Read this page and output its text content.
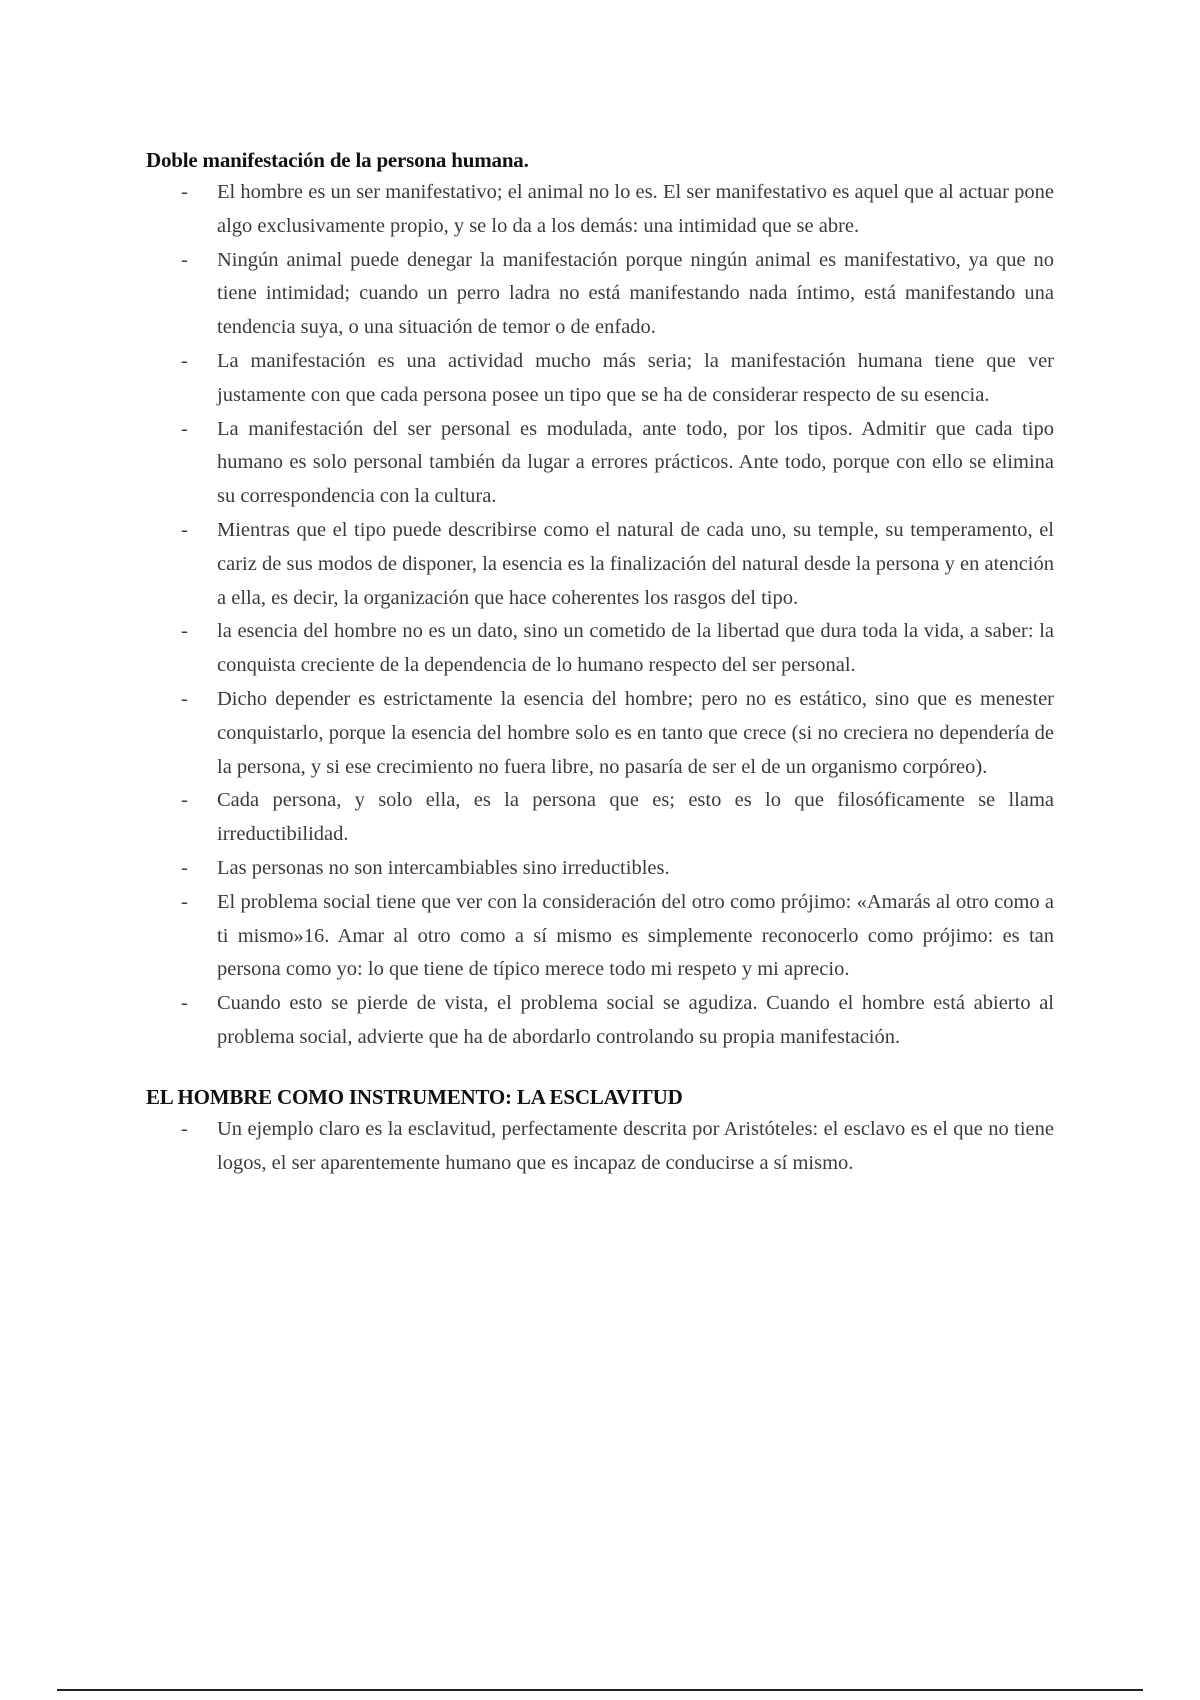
Doble manifestación de la persona humana.
- El hombre es un ser manifestativo; el animal no lo es. El ser manifestativo es aquel que al actuar pone algo exclusivamente propio, y se lo da a los demás: una intimidad que se abre.
- Ningún animal puede denegar la manifestación porque ningún animal es manifestativo, ya que no tiene intimidad; cuando un perro ladra no está manifestando nada íntimo, está manifestando una tendencia suya, o una situación de temor o de enfado.
- La manifestación es una actividad mucho más seria; la manifestación humana tiene que ver justamente con que cada persona posee un tipo que se ha de considerar respecto de su esencia.
- La manifestación del ser personal es modulada, ante todo, por los tipos. Admitir que cada tipo humano es solo personal también da lugar a errores prácticos. Ante todo, porque con ello se elimina su correspondencia con la cultura.
- Mientras que el tipo puede describirse como el natural de cada uno, su temple, su temperamento, el cariz de sus modos de disponer, la esencia es la finalización del natural desde la persona y en atención a ella, es decir, la organización que hace coherentes los rasgos del tipo.
- la esencia del hombre no es un dato, sino un cometido de la libertad que dura toda la vida, a saber: la conquista creciente de la dependencia de lo humano respecto del ser personal.
- Dicho depender es estrictamente la esencia del hombre; pero no es estático, sino que es menester conquistarlo, porque la esencia del hombre solo es en tanto que crece (si no creciera no dependería de la persona, y si ese crecimiento no fuera libre, no pasaría de ser el de un organismo corpóreo).
- Cada persona, y solo ella, es la persona que es; esto es lo que filosóficamente se llama irreductibilidad.
- Las personas no son intercambiables sino irreductibles.
- El problema social tiene que ver con la consideración del otro como prójimo: «Amarás al otro como a ti mismo»16. Amar al otro como a sí mismo es simplemente reconocerlo como prójimo: es tan persona como yo: lo que tiene de típico merece todo mi respeto y mi aprecio.
- Cuando esto se pierde de vista, el problema social se agudiza. Cuando el hombre está abierto al problema social, advierte que ha de abordarlo controlando su propia manifestación.
EL HOMBRE COMO INSTRUMENTO: LA ESCLAVITUD
- Un ejemplo claro es la esclavitud, perfectamente descrita por Aristóteles: el esclavo es el que no tiene logos, el ser aparentemente humano que es incapaz de conducirse a sí mismo.
